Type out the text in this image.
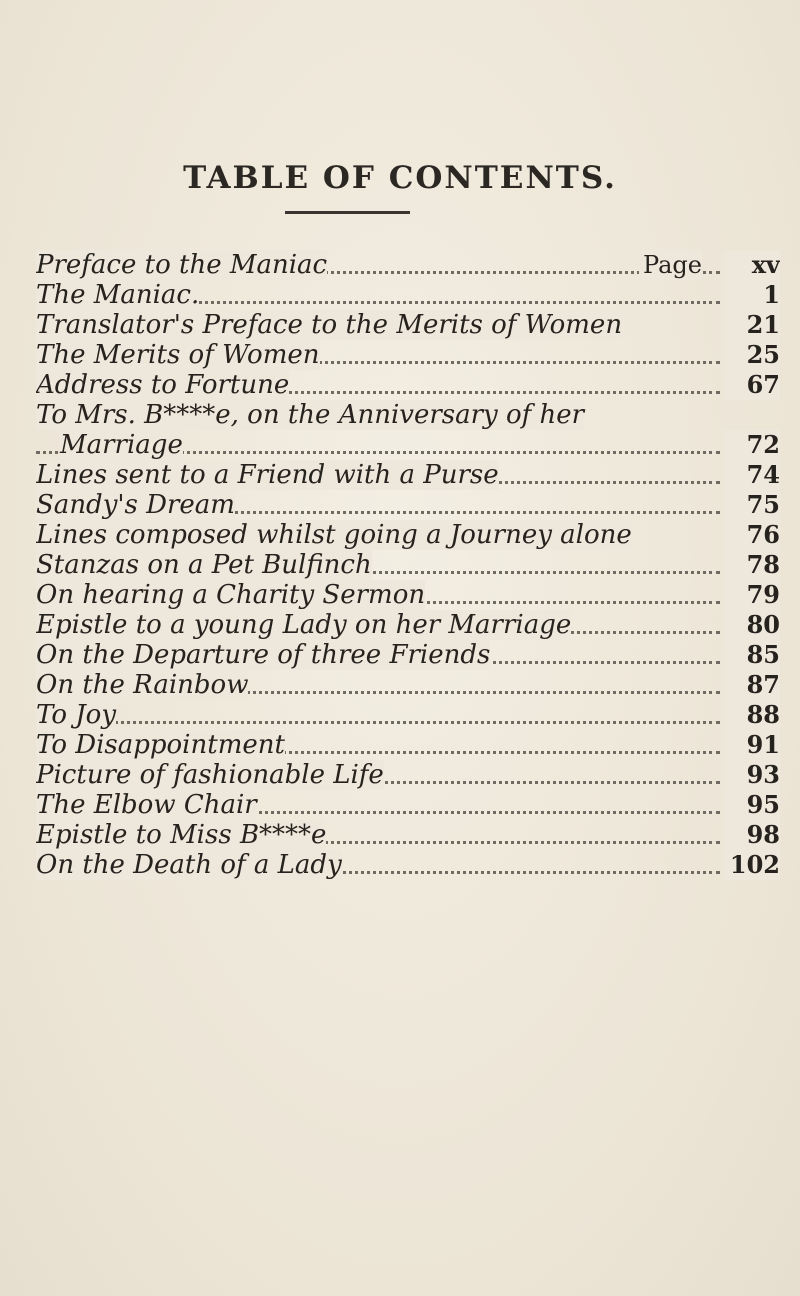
TABLE OF CONTENTS.
Preface to the Maniac	Page	xv
The Maniac.	1
Translator's Preface to the Merits of Women	21
The Merits of Women	25
Address to Fortune	67
To Mrs. B****e, on the Anniversary of her
Marriage	72
Lines sent to a Friend with a Purse	74
Sandy's Dream	75
Lines composed whilst going a Journey alone	76
Stanzas on a Pet Bulfinch	78
On hearing a Charity Sermon	79
Epistle to a young Lady on her Marriage	80
On the Departure of three Friends	85
On the Rainbow	87
To Joy	88
To Disappointment	91
Picture of fashionable Life	93
The Elbow Chair	95
Epistle to Miss B****e	98
On the Death of a Lady	102
